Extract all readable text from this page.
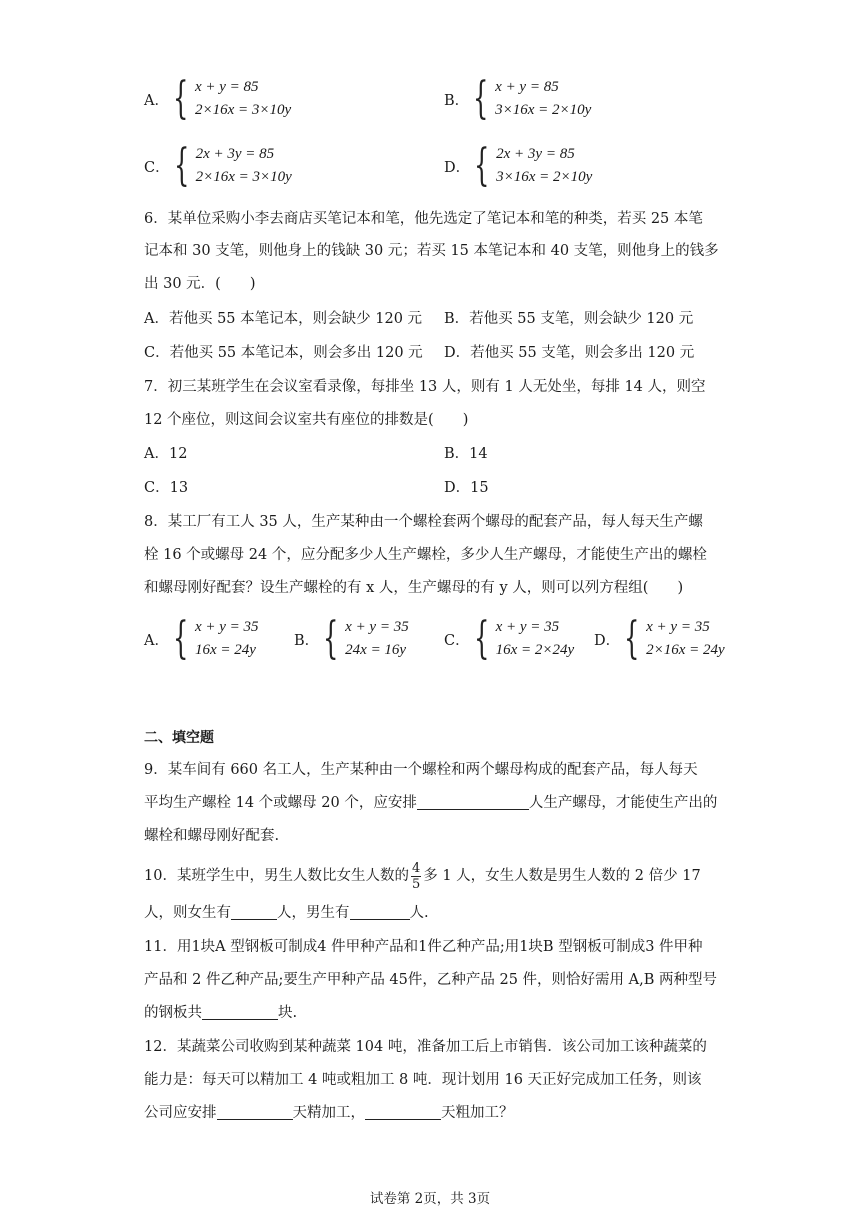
A． { x + y = 85
2×16x = 3×10y
B． { x + y = 85
3×16x = 2×10y
C． { 2x + 3y = 85
2×16x = 3×10y
D． { 2x + 3y = 85
3×16x = 2×10y
6．某单位采购小李去商店买笔记本和笔，他先选定了笔记本和笔的种类，若买 25 本笔
记本和 30 支笔，则他身上的钱缺 30 元；若买 15 本笔记本和 40 支笔，则他身上的钱多
出 30 元．(　　)
A．若他买 55 本笔记本，则会缺少 120 元 B．若他买 55 支笔，则会缺少 120 元
C．若他买 55 本笔记本，则会多出 120 元 D．若他买 55 支笔，则会多出 120 元
7．初三某班学生在会议室看录像，每排坐 13 人，则有 1 人无处坐，每排 14 人，则空
12 个座位，则这间会议室共有座位的排数是(　　)
A．12	B．14
C．13	D．15
8．某工厂有工人 35 人，生产某种由一个螺栓套两个螺母的配套产品，每人每天生产螺
栓 16 个或螺母 24 个，应分配多少人生产螺栓，多少人生产螺母，才能使生产出的螺栓
和螺母刚好配套？设生产螺栓的有 x 人，生产螺母的有 y 人，则可以列方程组(　　)
A． { x + y = 35
16x = 24y
B． { x + y = 35
24x = 16y
C． { x + y = 35
16x = 2×24y
D． { x + y = 35
2×16x = 24y
二、填空题
9．某车间有 660 名工人，生产某种由一个螺栓和两个螺母构成的配套产品，每人每天
平均生产螺栓 14 个或螺母 20 个，应安排	人生产螺母，才能使生产出的
螺栓和螺母刚好配套.
10．某班学生中，男生人数比女生人数的 $\frac{4}{5}$ 多 1 人，女生人数是男生人数的 2 倍少 17
人，则女生有	人，男生有	人.
11．用1块A 型钢板可制成4 件甲种产品和1件乙种产品;用1块B 型钢板可制成3 件甲种
产品和 2 件乙种产品;要生产甲种产品 45件，乙种产品 25 件，则恰好需用 A,B 两种型号
的钢板共	块.
12．某蔬菜公司收购到某种蔬菜 104 吨，准备加工后上市销售．该公司加工该种蔬菜的
能力是：每天可以精加工 4 吨或粗加工 8 吨．现计划用 16 天正好完成加工任务，则该
公司应安排	天精加工，	天粗加工？
试卷第 2页，共 3页
